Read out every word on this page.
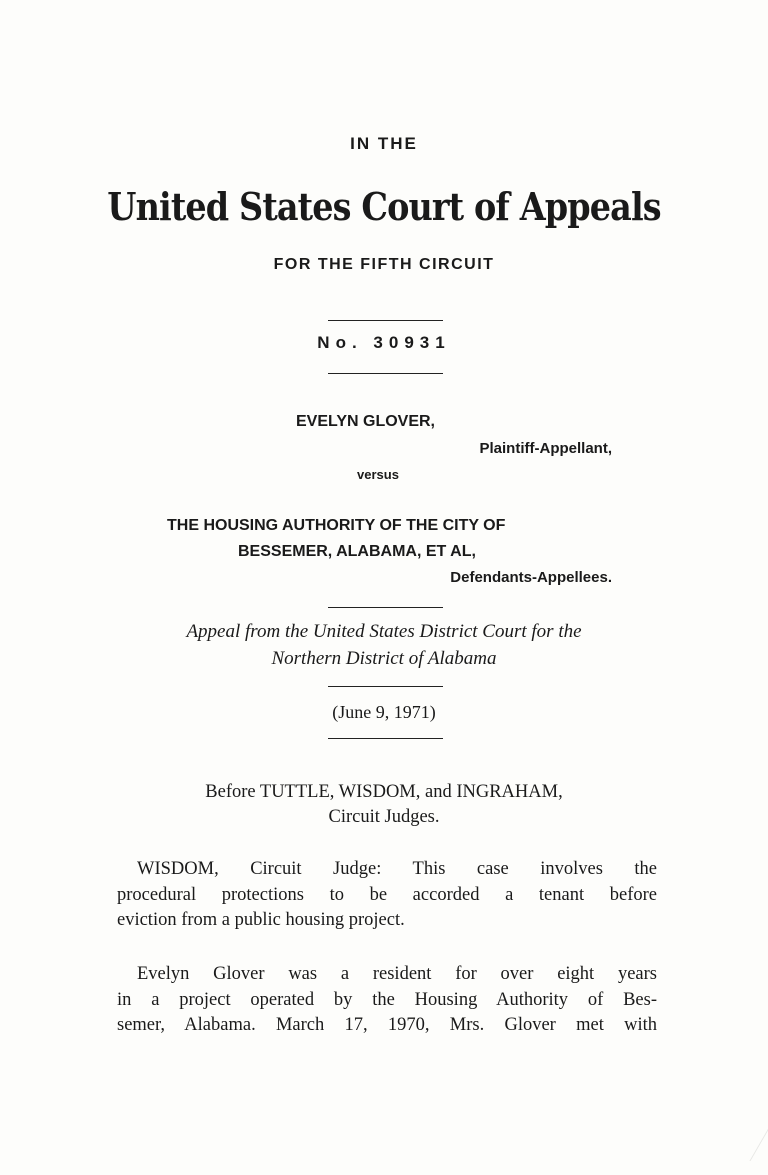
IN THE
United States Court of Appeals
FOR THE FIFTH CIRCUIT
No. 30931
EVELYN GLOVER,
Plaintiff-Appellant,
versus
THE HOUSING AUTHORITY OF THE CITY OF
BESSEMER, ALABAMA, ET AL,
Defendants-Appellees.
Appeal from the United States District Court for the
Northern District of Alabama
(June 9, 1971)
Before TUTTLE, WISDOM, and INGRAHAM,
Circuit Judges.
WISDOM, Circuit Judge: This case involves the
procedural protections to be accorded a tenant before
eviction from a public housing project.
Evelyn Glover was a resident for over eight years
in a project operated by the Housing Authority of Bes-
semer, Alabama. March 17, 1970, Mrs. Glover met with
